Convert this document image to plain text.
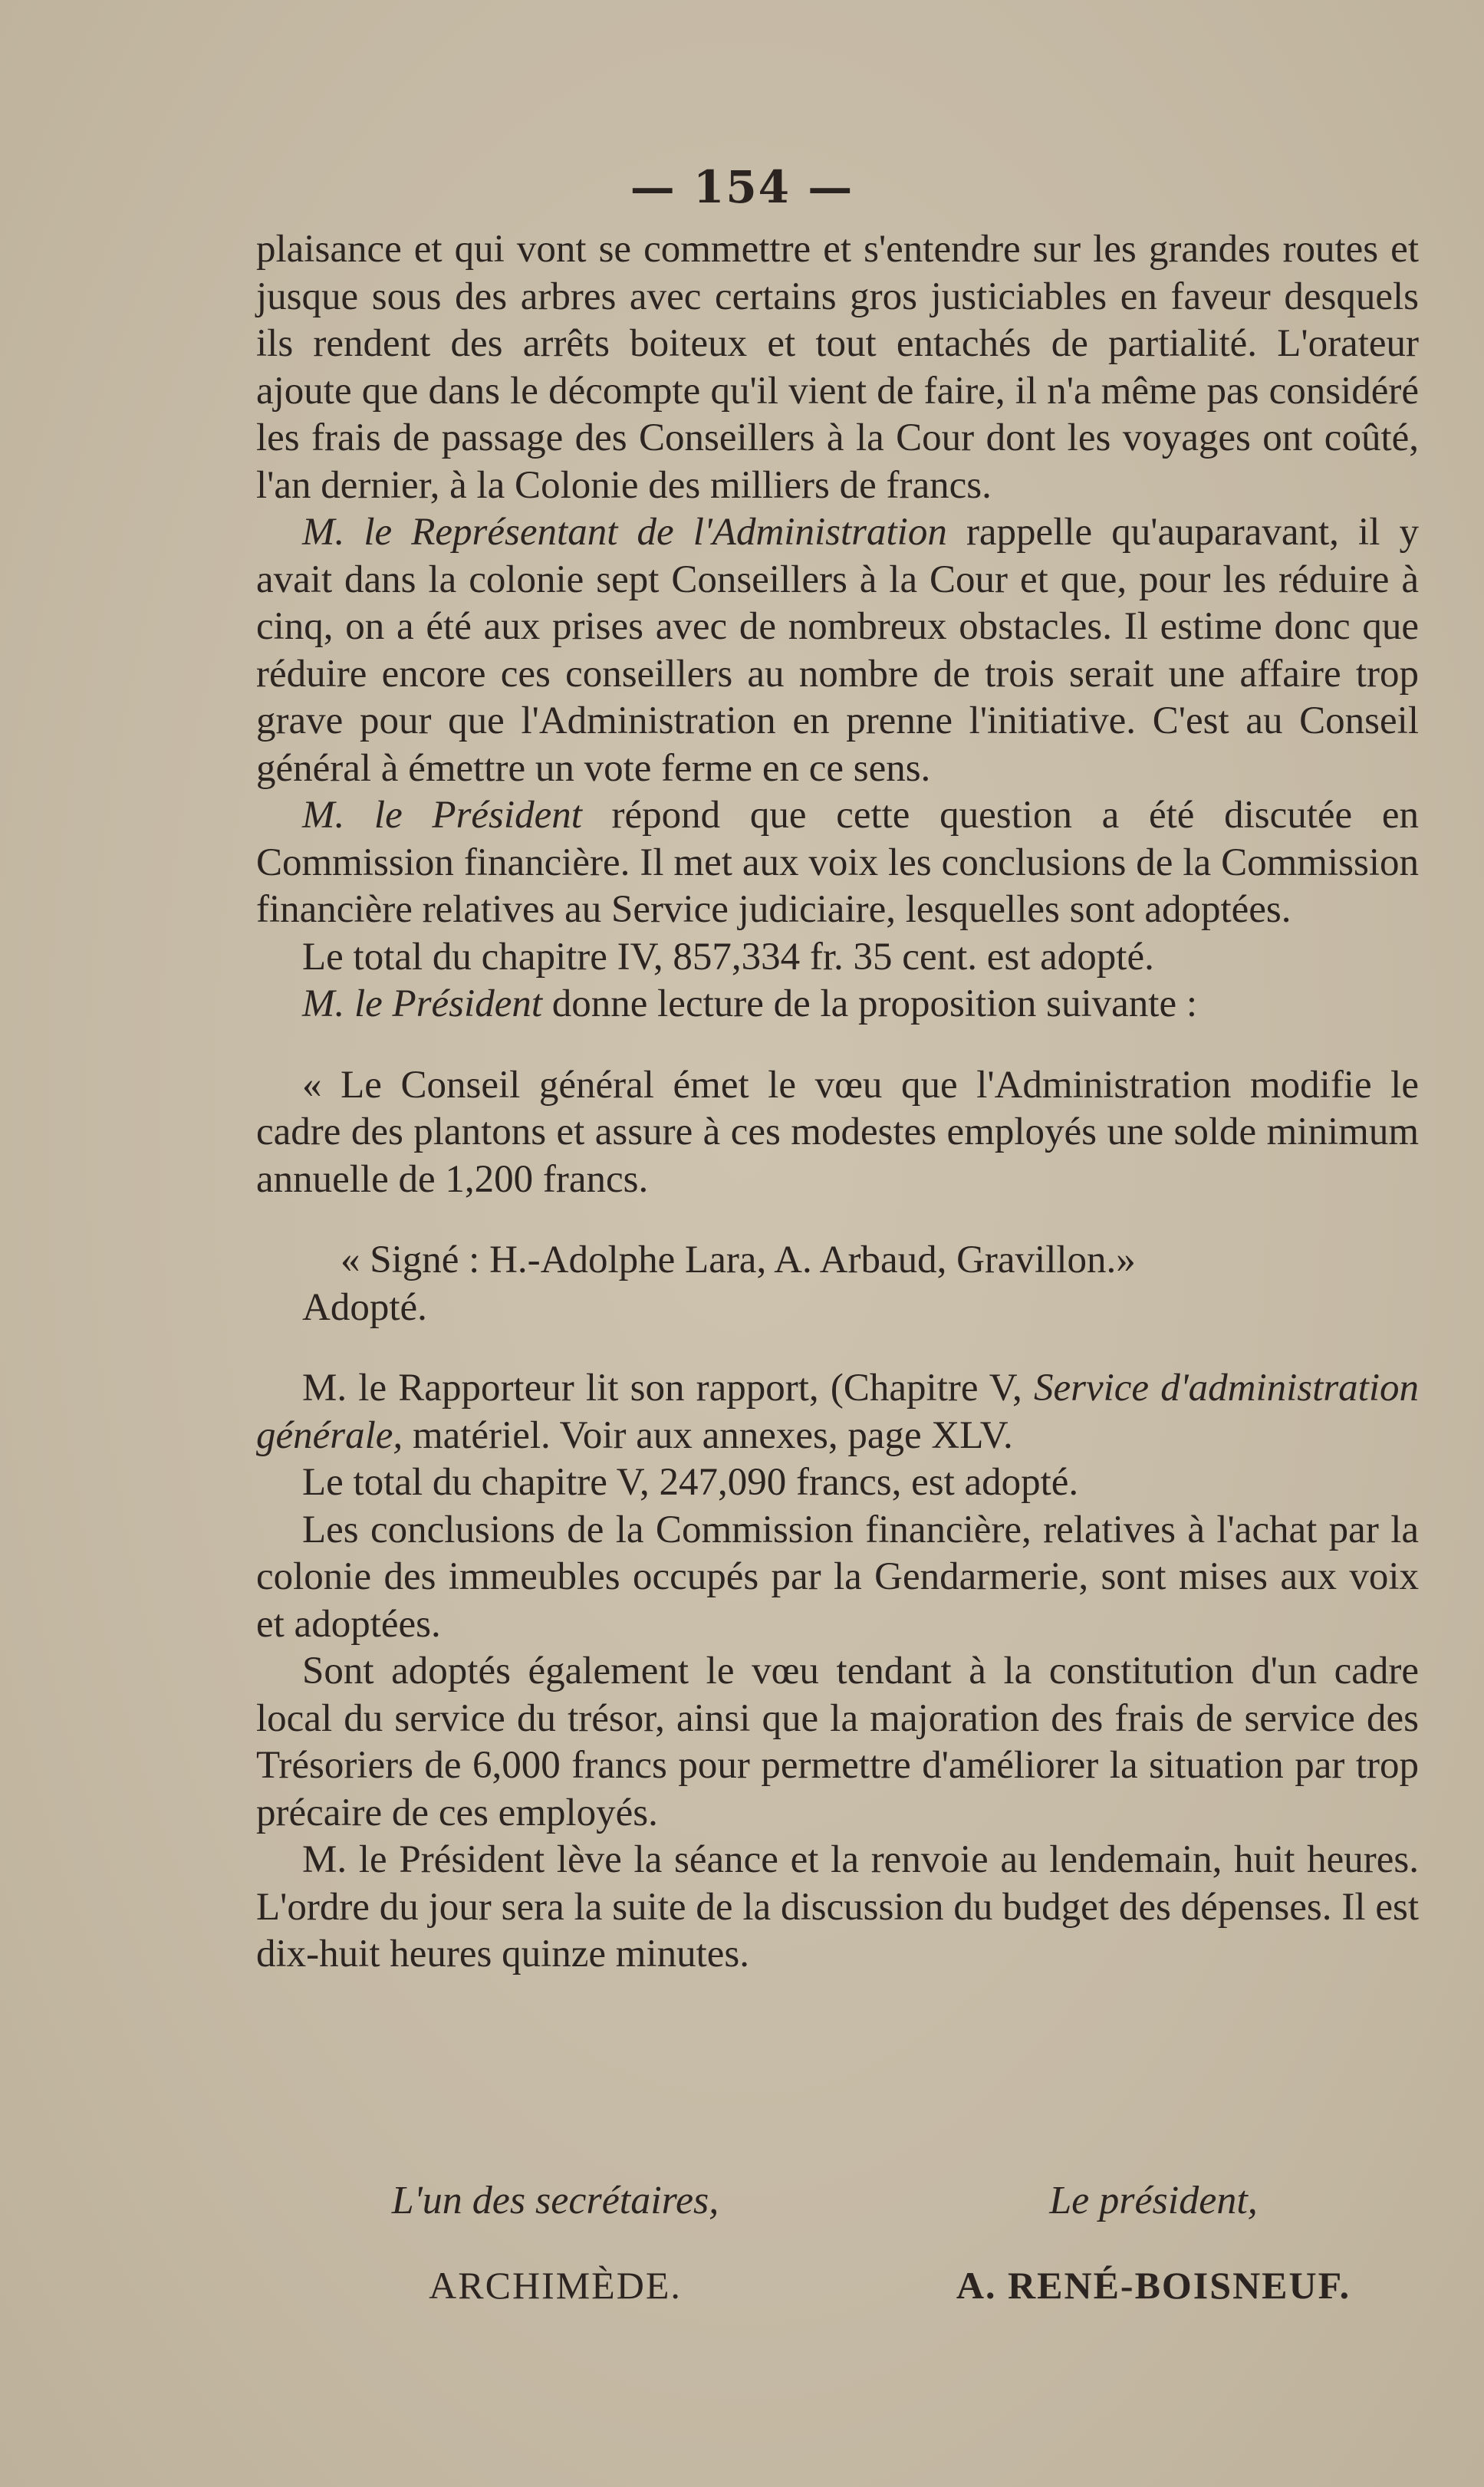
— 154 —

plaisance et qui vont se commettre et s'entendre sur les grandes routes et jusque sous des arbres avec certains gros justiciables en faveur desquels ils rendent des arrêts boiteux et tout entachés de partialité. L'orateur ajoute que dans le décompte qu'il vient de faire, il n'a même pas considéré les frais de passage des Conseillers à la Cour dont les voyages ont coûté, l'an dernier, à la Colonie des milliers de francs.

M. le Représentant de l'Administration rappelle qu'auparavant, il y avait dans la colonie sept Conseillers à la Cour et que, pour les réduire à cinq, on a été aux prises avec de nombreux obstacles. Il estime donc que réduire encore ces conseillers au nombre de trois serait une affaire trop grave pour que l'Administration en prenne l'initiative. C'est au Conseil général à émettre un vote ferme en ce sens.

M. le Président répond que cette question a été discutée en Commission financière. Il met aux voix les conclusions de la Commission financière relatives au Service judiciaire, lesquelles sont adoptées.

Le total du chapitre IV, 857,334 fr. 35 cent. est adopté.

M. le Président donne lecture de la proposition suivante :

« Le Conseil général émet le vœu que l'Administration modifie le cadre des plantons et assure à ces modestes employés une solde minimum annuelle de 1,200 francs.

« Signé : H.-Adolphe Lara, A. Arbaud, Gravillon.»

Adopté.

M. le Rapporteur lit son rapport, (Chapitre V, Service d'administration générale, matériel. Voir aux annexes, page XLV.

Le total du chapitre V, 247,090 francs, est adopté.

Les conclusions de la Commission financière, relatives à l'achat par la colonie des immeubles occupés par la Gendarmerie, sont mises aux voix et adoptées.

Sont adoptés également le vœu tendant à la constitution d'un cadre local du service du trésor, ainsi que la majoration des frais de service des Trésoriers de 6,000 francs pour permettre d'améliorer la situation par trop précaire de ces employés.

M. le Président lève la séance et la renvoie au lendemain, huit heures. L'ordre du jour sera la suite de la discussion du budget des dépenses. Il est dix-huit heures quinze minutes.

L'un des secrétaires,
ARCHIMÈDE.
Le président,
A. RENÉ-BOISNEUF.
